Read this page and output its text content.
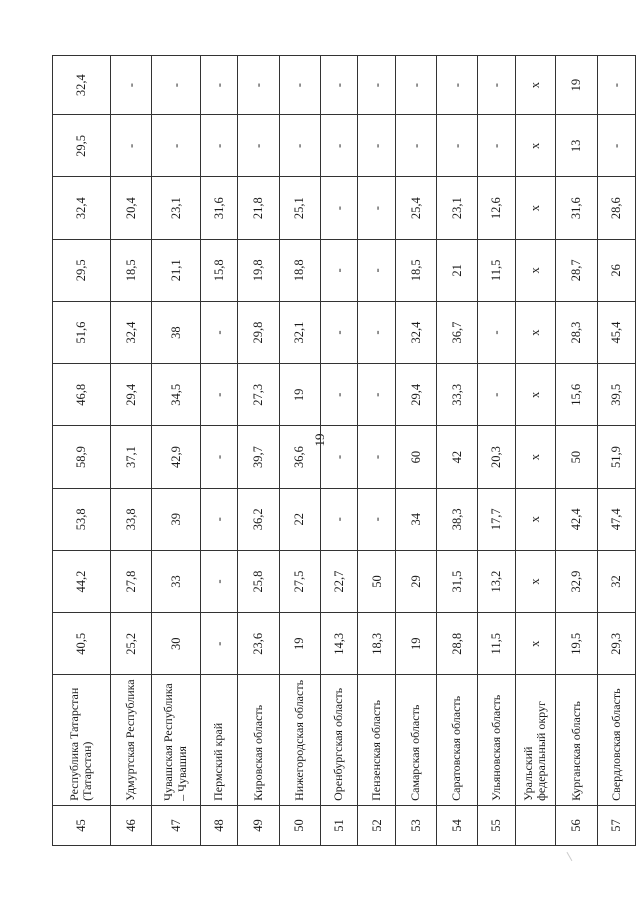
19
45	Республика Татарстан (Татарстан)	40,5	44,2	53,8	58,9	46,8	51,6	29,5	32,4	29,5	32,4
46	Удмуртская Республика	25,2	27,8	33,8	37,1	29,4	32,4	18,5	20,4	-	-
47	Чувашская Республика – Чувашия	30	33	39	42,9	34,5	38	21,1	23,1	-	-
48	Пермский край	-	-	-	-	-	-	15,8	31,6	-	-
49	Кировская область	23,6	25,8	36,2	39,7	27,3	29,8	19,8	21,8	-	-
50	Нижегородская область	19	27,5	22	36,6	19	32,1	18,8	25,1	-	-
51	Оренбургская область	14,3	22,7	-	-	-	-	-	-	-	-
52	Пензенская область	18,3	50	-	-	-	-	-	-	-	-
53	Самарская область	19	29	34	60	29,4	32,4	18,5	25,4	-	-
54	Саратовская область	28,8	31,5	38,3	42	33,3	36,7	21	23,1	-	-
55	Ульяновская область	11,5	13,2	17,7	20,3	-	-	11,5	12,6	-	-
	Уральский федеральный округ	x	x	x	x	x	x	x	x	x	x
56	Курганская область	19,5	32,9	42,4	50	15,6	28,3	28,7	31,6	13	19
57	Свердловская область	29,3	32	47,4	51,9	39,5	45,4	26	28,6	-	-
